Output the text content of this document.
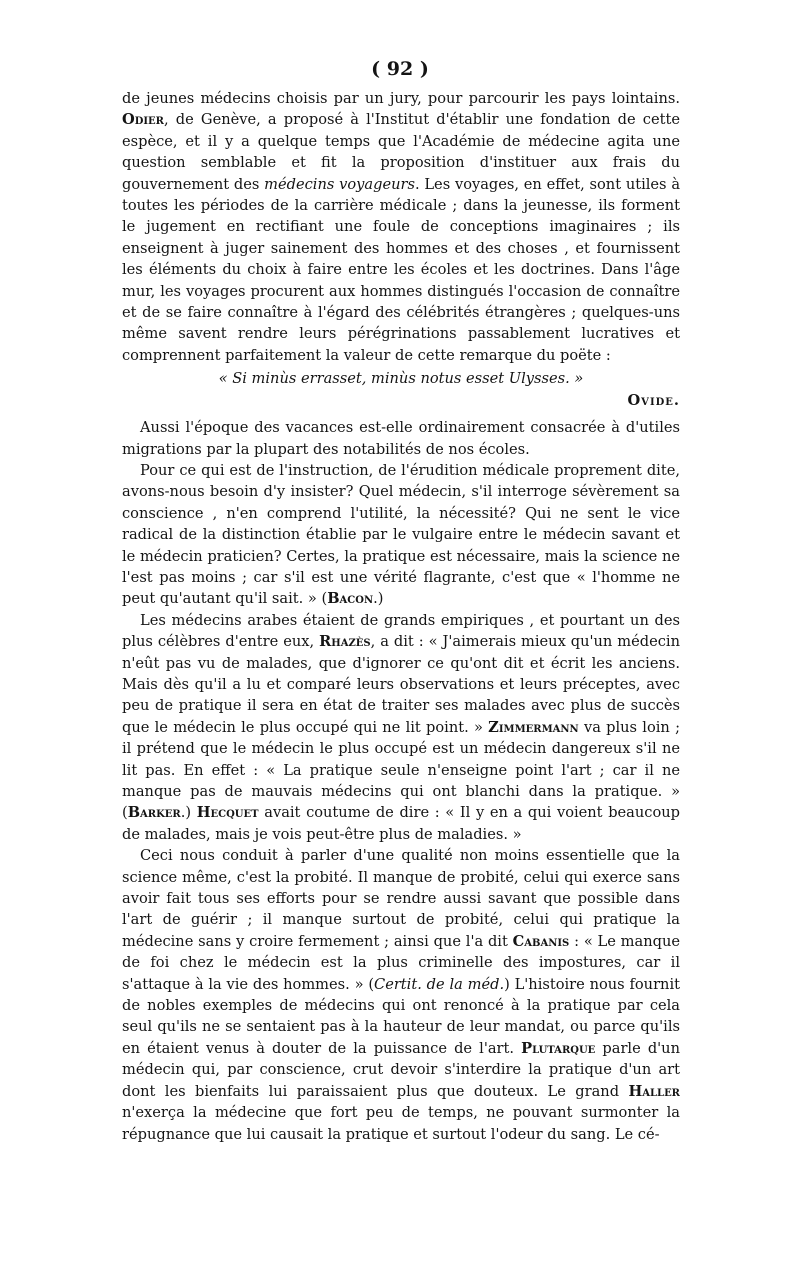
( 92 )

de jeunes médecins choisis par un jury, pour parcourir les pays lointains. Odier, de Genève, a proposé à l'Institut d'établir une fondation de cette espèce, et il y a quelque temps que l'Académie de médecine agita une question semblable et fit la proposition d'instituer aux frais du gouvernement des médecins voyageurs. Les voyages, en effet, sont utiles à toutes les périodes de la carrière médicale ; dans la jeunesse, ils forment le jugement en rectifiant une foule de conceptions imaginaires ; ils enseignent à juger sainement des hommes et des choses , et fournissent les éléments du choix à faire entre les écoles et les doctrines. Dans l'âge mur, les voyages procurent aux hommes distingués l'occasion de connaître et de se faire connaître à l'égard des célébrités étrangères ; quelques-uns même savent rendre leurs pérégrinations passablement lucratives et comprennent parfaitement la valeur de cette remarque du poëte :

« Si minùs errasset, minùs notus esset Ulysses. »

Ovide.

Aussi l'époque des vacances est-elle ordinairement consacrée à d'utiles migrations par la plupart des notabilités de nos écoles.

Pour ce qui est de l'instruction, de l'érudition médicale proprement dite, avons-nous besoin d'y insister? Quel médecin, s'il interroge sévèrement sa conscience , n'en comprend l'utilité, la nécessité? Qui ne sent le vice radical de la distinction établie par le vulgaire entre le médecin savant et le médecin praticien? Certes, la pratique est nécessaire, mais la science ne l'est pas moins ; car s'il est une vérité flagrante, c'est que « l'homme ne peut qu'autant qu'il sait. » (Bacon.)

Les médecins arabes étaient de grands empiriques , et pourtant un des plus célèbres d'entre eux, Rhazès, a dit : « J'aimerais mieux qu'un médecin n'eût pas vu de malades, que d'ignorer ce qu'ont dit et écrit les anciens. Mais dès qu'il a lu et comparé leurs observations et leurs préceptes, avec peu de pratique il sera en état de traiter ses malades avec plus de succès que le médecin le plus occupé qui ne lit point. » Zimmermann va plus loin ; il prétend que le médecin le plus occupé est un médecin dangereux s'il ne lit pas. En effet : « La pratique seule n'enseigne point l'art ; car il ne manque pas de mauvais médecins qui ont blanchi dans la pratique. » (Barker.) Hecquet avait coutume de dire : « Il y en a qui voient beaucoup de malades, mais je vois peut-être plus de maladies. »

Ceci nous conduit à parler d'une qualité non moins essentielle que la science même, c'est la probité. Il manque de probité, celui qui exerce sans avoir fait tous ses efforts pour se rendre aussi savant que possible dans l'art de guérir ; il manque surtout de probité, celui qui pratique la médecine sans y croire fermement ; ainsi que l'a dit Cabanis : « Le manque de foi chez le médecin est la plus criminelle des impostures, car il s'attaque à la vie des hommes. » (Certit. de la méd.) L'histoire nous fournit de nobles exemples de médecins qui ont renoncé à la pratique par cela seul qu'ils ne se sentaient pas à la hauteur de leur mandat, ou parce qu'ils en étaient venus à douter de la puissance de l'art. Plutarque parle d'un médecin qui, par conscience, crut devoir s'interdire la pratique d'un art dont les bienfaits lui paraissaient plus que douteux. Le grand Haller n'exerça la médecine que fort peu de temps, ne pouvant surmonter la répugnance que lui causait la pratique et surtout l'odeur du sang. Le cé-
